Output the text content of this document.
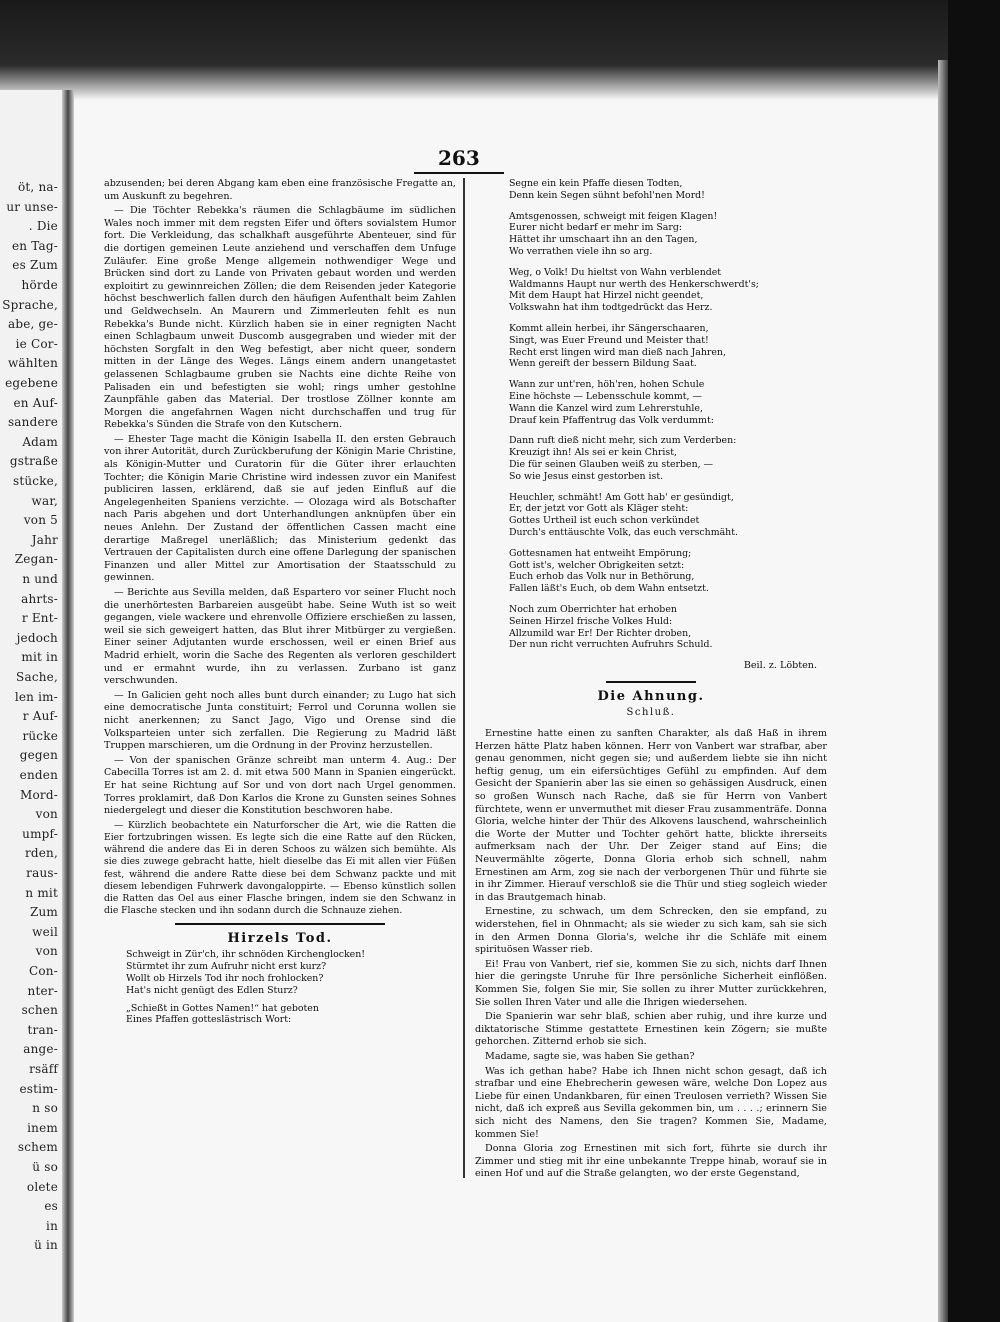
öt, na-
ur unse-
. Die
en Tag-
es Zum
hörde
Sprache,
abe, ge-
ie Cor-
wählten
egebene
en Auf-
sandere
Adam
gstraße
stücke,
war,
von 5
Jahr
Zegan-
n und
ahrts-
r Ent-
jedoch
mit in
Sache,
len im-
r Auf-
rücke
gegen
enden
Mord-
von
umpf-
rden,
raus-
n mit
Zum
weil
von
Con-
nter-
schen
tran-
ange-
rsäff
estim-
n so
inem
schem
ü so
olete
es
in
ü in
263

abzusenden; bei deren Abgang kam eben eine französische Fregatte an, um Auskunft zu begehren.

— Die Töchter Rebekka's räumen die Schlagbäume im südlichen Wales noch immer mit dem regsten Eifer und öfters sovialstem Humor fort. Die Verkleidung, das schalkhaft ausgeführte Abenteuer, sind für die dortigen gemeinen Leute anziehend und verschaffen dem Unfuge Zuläufer. Eine große Menge allgemein nothwendiger Wege und Brücken sind dort zu Lande von Privaten gebaut worden und werden exploitirt zu gewinnreichen Zöllen; die dem Reisenden jeder Kategorie höchst beschwerlich fallen durch den häufigen Aufenthalt beim Zahlen und Geldwechseln. An Maurern und Zimmerleuten fehlt es nun Rebekka's Bunde nicht. Kürzlich haben sie in einer regnigten Nacht einen Schlagbaum unweit Duscomb ausgegraben und wieder mit der höchsten Sorgfalt in den Weg befestigt, aber nicht queer, sondern mitten in der Länge des Weges. Längs einem andern unangetastet gelassenen Schlagbaume gruben sie Nachts eine dichte Reihe von Palisaden ein und befestigten sie wohl; rings umher gestohlne Zaunpfähle gaben das Material. Der trostlose Zöllner konnte am Morgen die angefahrnen Wagen nicht durchschaffen und trug für Rebekka's Sünden die Strafe von den Kutschern.

— Ehester Tage macht die Königin Isabella II. den ersten Gebrauch von ihrer Autorität, durch Zurückberufung der Königin Marie Christine, als Königin-Mutter und Curatorin für die Güter ihrer erlauchten Tochter; die Königin Marie Christine wird indessen zuvor ein Manifest publiciren lassen, erklärend, daß sie auf jeden Einfluß auf die Angelegenheiten Spaniens verzichte. — Olozaga wird als Botschafter nach Paris abgehen und dort Unterhandlungen anknüpfen über ein neues Anlehn. Der Zustand der öffentlichen Cassen macht eine derartige Maßregel unerläßlich; das Ministerium gedenkt das Vertrauen der Capitalisten durch eine offene Darlegung der spanischen Finanzen und aller Mittel zur Amortisation der Staatsschuld zu gewinnen.

— Berichte aus Sevilla melden, daß Espartero vor seiner Flucht noch die unerhörtesten Barbareien ausgeübt habe. Seine Wuth ist so weit gegangen, viele wackere und ehrenvolle Offiziere erschießen zu lassen, weil sie sich geweigert hatten, das Blut ihrer Mitbürger zu vergießen. Einer seiner Adjutanten wurde erschossen, weil er einen Brief aus Madrid erhielt, worin die Sache des Regenten als verloren geschildert und er ermahnt wurde, ihn zu verlassen. Zurbano ist ganz verschwunden.

— In Galicien geht noch alles bunt durch einander; zu Lugo hat sich eine democratische Junta constituirt; Ferrol und Corunna wollen sie nicht anerkennen; zu Sanct Jago, Vigo und Orense sind die Volksparteien unter sich zerfallen. Die Regierung zu Madrid läßt Truppen marschieren, um die Ordnung in der Provinz herzustellen.

— Von der spanischen Gränze schreibt man unterm 4. Aug.: Der Cabecilla Torres ist am 2. d. mit etwa 500 Mann in Spanien eingerückt. Er hat seine Richtung auf Sor und von dort nach Urgel genommen. Torres proklamirt, daß Don Karlos die Krone zu Gunsten seines Sohnes niedergelegt und dieser die Konstitution beschworen habe.

— Kürzlich beobachtete ein Naturforscher die Art, wie die Ratten die Eier fortzubringen wissen. Es legte sich die eine Ratte auf den Rücken, während die andere das Ei in deren Schoos zu wälzen sich bemühte. Als sie dies zuwege gebracht hatte, hielt dieselbe das Ei mit allen vier Füßen fest, während die andere Ratte diese bei dem Schwanz packte und mit diesem lebendigen Fuhrwerk davongaloppirte. — Ebenso künstlich sollen die Ratten das Oel aus einer Flasche bringen, indem sie den Schwanz in die Flasche stecken und ihn sodann durch die Schnauze ziehen.

Hirzels Tod.
Schweigt in Zür'ch, ihr schnöden Kirchenglocken!
Stürmtet ihr zum Aufruhr nicht erst kurz?
Wollt ob Hirzels Tod ihr noch frohlocken?
Hat's nicht genügt des Edlen Sturz?
„Schießt in Gottes Namen!“ hat geboten
Eines Pfaffen gotteslästrisch Wort:
Segne ein kein Pfaffe diesen Todten,
Denn kein Segen sühnt befohl'nen Mord!
Amtsgenossen, schweigt mit feigen Klagen!
Eurer nicht bedarf er mehr im Sarg:
Hättet ihr umschaart ihn an den Tagen,
Wo verrathen viele ihn so arg.
Weg, o Volk! Du hieltst von Wahn verblendet
Waldmanns Haupt nur werth des Henkerschwerdt's;
Mit dem Haupt hat Hirzel nicht geendet,
Volkswahn hat ihm todtgedrückt das Herz.
Kommt allein herbei, ihr Sängerschaaren,
Singt, was Euer Freund und Meister that!
Recht erst lingen wird man dieß nach Jahren,
Wenn gereift der bessern Bildung Saat.
Wann zur unt'ren, höh'ren, hohen Schule
Eine höchste — Lebensschule kommt, —
Wann die Kanzel wird zum Lehrerstuhle,
Drauf kein Pfaffentrug das Volk verdummt:
Dann ruft dieß nicht mehr, sich zum Verderben:
Kreuzigt ihn! Als sei er kein Christ,
Die für seinen Glauben weiß zu sterben, —
So wie Jesus einst gestorben ist.
Heuchler, schmäht! Am Gott hab' er gesündigt,
Er, der jetzt vor Gott als Kläger steht:
Gottes Urtheil ist euch schon verkündet
Durch's enttäuschte Volk, das euch verschmäht.
Gottesnamen hat entweiht Empörung;
Gott ist's, welcher Obrigkeiten setzt:
Euch erhob das Volk nur in Bethörung,
Fallen läßt's Euch, ob dem Wahn entsetzt.
Noch zum Oberrichter hat erhoben
Seinen Hirzel frische Volkes Huld:
Allzumild war Er! Der Richter droben,
Der nun richt verruchten Aufruhrs Schuld.
Beil. z. Löbten.
Die Ahnung.
Schluß.

Ernestine hatte einen zu sanften Charakter, als daß Haß in ihrem Herzen hätte Platz haben können. Herr von Vanbert war strafbar, aber genau genommen, nicht gegen sie; und außerdem liebte sie ihn nicht heftig genug, um ein eifersüchtiges Gefühl zu empfinden. Auf dem Gesicht der Spanierin aber las sie einen so gehässigen Ausdruck, einen so großen Wunsch nach Rache, daß sie für Herrn von Vanbert fürchtete, wenn er unvermuthet mit dieser Frau zusammenträfe. Donna Gloria, welche hinter der Thür des Alkovens lauschend, wahrscheinlich die Worte der Mutter und Tochter gehört hatte, blickte ihrerseits aufmerksam nach der Uhr. Der Zeiger stand auf Eins; die Neuvermählte zögerte, Donna Gloria erhob sich schnell, nahm Ernestinen am Arm, zog sie nach der verborgenen Thür und führte sie in ihr Zimmer. Hierauf verschloß sie die Thür und stieg sogleich wieder in das Brautgemach hinab.

Ernestine, zu schwach, um dem Schrecken, den sie empfand, zu widerstehen, fiel in Ohnmacht; als sie wieder zu sich kam, sah sie sich in den Armen Donna Gloria's, welche ihr die Schläfe mit einem spirituösen Wasser rieb.

Ei! Frau von Vanbert, rief sie, kommen Sie zu sich, nichts darf Ihnen hier die geringste Unruhe für Ihre persönliche Sicherheit einflößen. Kommen Sie, folgen Sie mir, Sie sollen zu ihrer Mutter zurückkehren, Sie sollen Ihren Vater und alle die Ihrigen wiedersehen.

Die Spanierin war sehr blaß, schien aber ruhig, und ihre kurze und diktatorische Stimme gestattete Ernestinen kein Zögern; sie mußte gehorchen. Zitternd erhob sie sich.

Madame, sagte sie, was haben Sie gethan?

Was ich gethan habe? Habe ich Ihnen nicht schon gesagt, daß ich strafbar und eine Ehebrecherin gewesen wäre, welche Don Lopez aus Liebe für einen Undankbaren, für einen Treulosen verrieth? Wissen Sie nicht, daß ich expreß aus Sevilla gekommen bin, um . . . .; erinnern Sie sich nicht des Namens, den Sie tragen? Kommen Sie, Madame, kommen Sie!

Donna Gloria zog Ernestinen mit sich fort, führte sie durch ihr Zimmer und stieg mit ihr eine unbekannte Treppe hinab, worauf sie in einen Hof und auf die Straße gelangten, wo der erste Gegenstand,
